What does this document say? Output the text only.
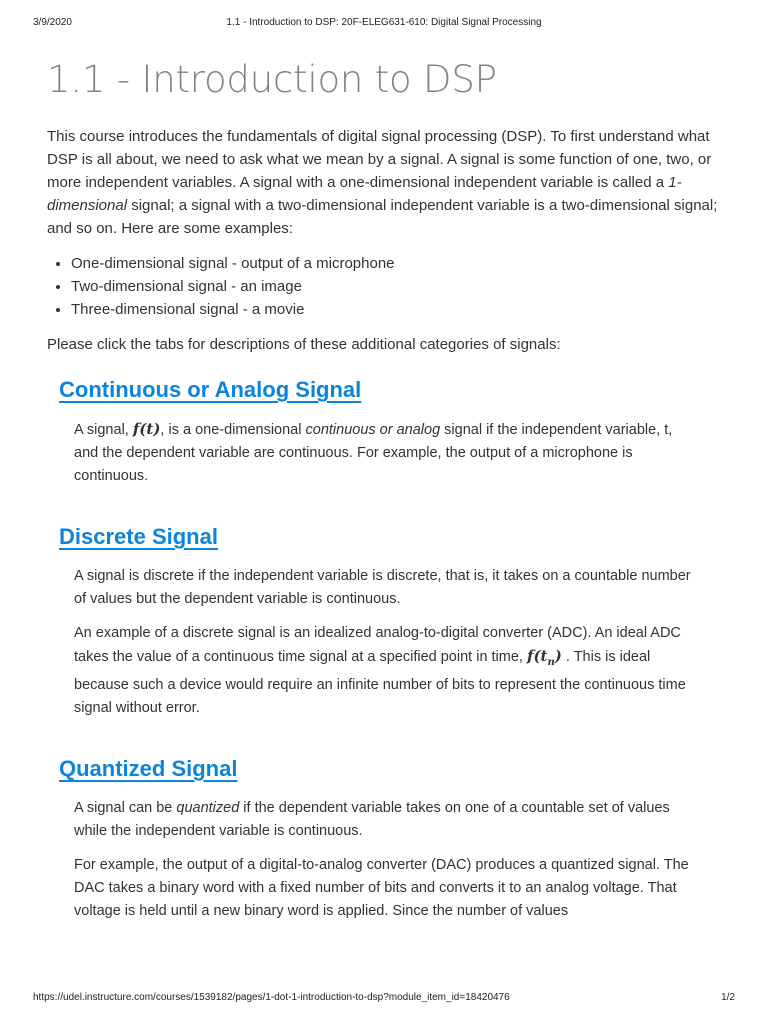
3/9/2020	1.1 - Introduction to DSP: 20F-ELEG631-610: Digital Signal Processing
1.1 - Introduction to DSP

This course introduces the fundamentals of digital signal processing (DSP). To first understand what DSP is all about, we need to ask what we mean by a signal. A signal is some function of one, two, or more independent variables. A signal with a one-dimensional independent variable is called a 1-dimensional signal; a signal with a two-dimensional independent variable is a two-dimensional signal; and so on. Here are some examples:

• One-dimensional signal - output of a microphone
• Two-dimensional signal - an image
• Three-dimensional signal - a movie

Please click the tabs for descriptions of these additional categories of signals:

Continuous or Analog Signal

A signal, f(t), is a one-dimensional continuous or analog signal if the independent variable, t, and the dependent variable are continuous. For example, the output of a microphone is continuous.

Discrete Signal

A signal is discrete if the independent variable is discrete, that is, it takes on a countable number of values but the dependent variable is continuous.

An example of a discrete signal is an idealized analog-to-digital converter (ADC). An ideal ADC takes the value of a continuous time signal at a specified point in time, $f(t_n)$ . This is ideal because such a device would require an infinite number of bits to represent the continuous time signal without error.

Quantized Signal

A signal can be quantized if the dependent variable takes on one of a countable set of values while the independent variable is continuous.

For example, the output of a digital-to-analog converter (DAC) produces a quantized signal. The DAC takes a binary word with a fixed number of bits and converts it to an analog voltage. That voltage is held until a new binary word is applied. Since the number of values

https://udel.instructure.com/courses/1539182/pages/1-dot-1-introduction-to-dsp?module_item_id=18420476	1/2
